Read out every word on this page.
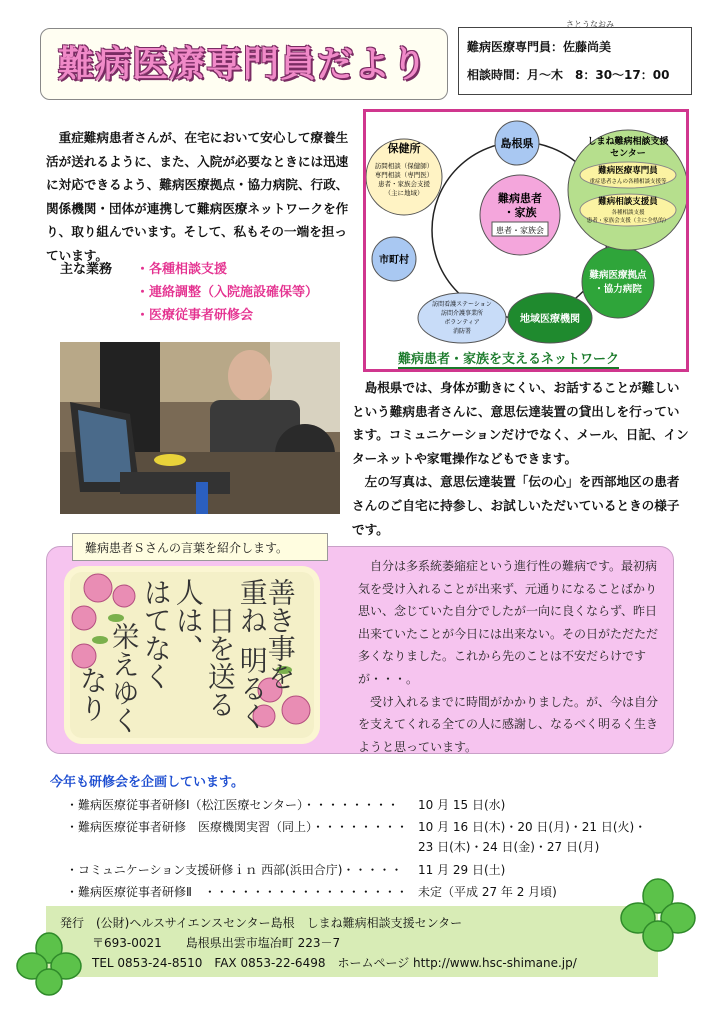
難病医療専門員だより
さとうなおみ
難病医療専門員：佐藤尚美
相談時間：月～木　8：30～17：00
重症難病患者さんが、在宅において安心して療養生活が送れるように、また、入院が必要なときには迅速に対応できるよう、難病医療拠点・協力病院、行政、関係機関・団体が連携して難病医療ネットワークを作り、取り組んでいます。そして、私もその一端を担っています。
主な業務 ・各種相談支援
・連絡調整（入院施設確保等）
・医療従事者研修会
難病患者
・家族
患者・家族会
島根県
保健所
訪問相談（保健師）
専門相談（専門医）
患者・家族会支援
（主に地域）
市町村
訪問看護ステーション
訪問介護事業所
ボランティア
消防署
地域医療機関
難病医療拠点
・協力病院
しまね難病相談支援
センター
難病医療専門員
重症患者さんの各種相談支援等
難病相談支援員
各種相談支援
患者・家族会支援（主に全県的）
難病患者・家族を支えるネットワーク

島根県では、身体が動きにくい、お話することが難しいという難病患者さんに、意思伝達装置の貸出しを行っています。コミュニケーションだけでなく、メール、日記、インターネットや家電操作などもできます。

左の写真は、意思伝達装置「伝の心」を西部地区の患者さんのご自宅に持参し、お試しいただいているときの様子です。

難病患者Ｓさんの言葉を紹介します。
善き事を
重ね
明るく
日を送る
人は、
はてなく
栄えゆく
なり

自分は多系統萎縮症という進行性の難病です。最初病気を受け入れることが出来ず、元通りになることばかり思い、念じていた自分でしたが一向に良くならず、昨日出来ていたことが今日には出来ない。その日がただただ多くなりました。これから先のことは不安だらけですが・・・。

受け入れるまでに時間がかかりました。が、今は自分を支えてくれる全ての人に感謝し、なるべく明るく生きようと思っています。

今年も研修会を企画しています。
・難病医療従事者研修Ⅰ（松江医療センター）・・・・・・・・ 10 月 15 日(水)
・難病医療従事者研修　医療機関実習（同上）・・・・・・・・ 10 月 16 日(木)・20 日(月)・21 日(火)・
23 日(木)・24 日(金)・27 日(月)
・コミュニケーション支援研修ｉｎ 西部(浜田合庁)・・・・・ 11 月 29 日(土)
・難病医療従事者研修Ⅱ　・・・・・・・・・・・・・・・・・ 未定（平成 27 年 2 月頃)
発行　(公財)ヘルスサイエンスセンター島根　しまね難病相談支援センター
〒693-0021　　島根県出雲市塩冶町 223－7
TEL 0853-24-8510　FAX 0853-22-6498　ホームページ http://www.hsc-shimane.jp/
